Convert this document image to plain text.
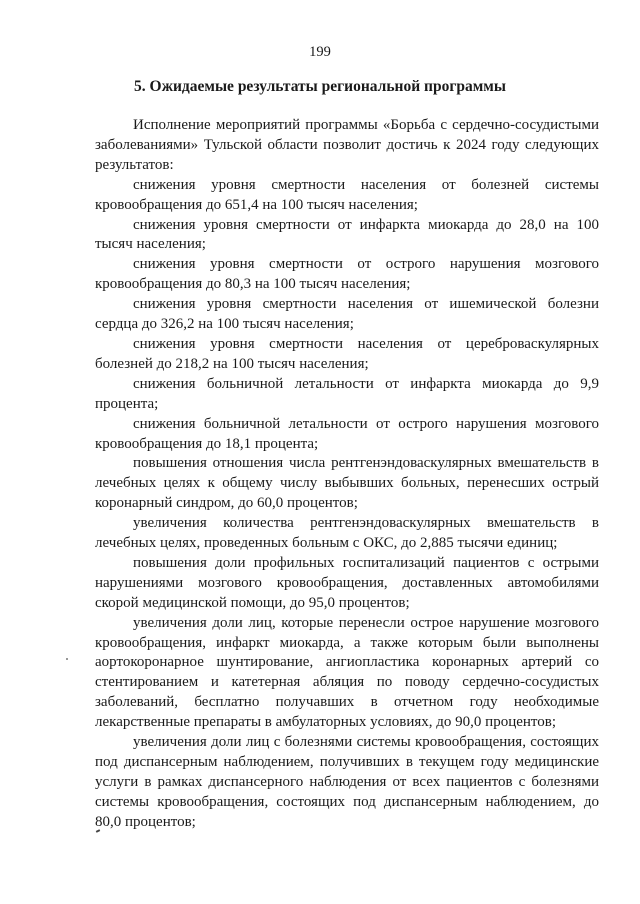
199
5. Ожидаемые результаты региональной программы

Исполнение мероприятий программы «Борьба с сердечно-сосудистыми заболеваниями» Тульской области позволит достичь к 2024 году следующих результатов:

снижения уровня смертности населения от болезней системы кровообращения до 651,4 на 100 тысяч населения;

снижения уровня смертности от инфаркта миокарда до 28,0 на 100 тысяч населения;

снижения уровня смертности от острого нарушения мозгового кровообращения до 80,3 на 100 тысяч населения;

снижения уровня смертности населения от ишемической болезни сердца до 326,2 на 100 тысяч населения;

снижения уровня смертности населения от цереброваскулярных болезней до 218,2 на 100 тысяч населения;

снижения больничной летальности от инфаркта миокарда до 9,9 процента;

снижения больничной летальности от острого нарушения мозгового кровообращения до 18,1 процента;

повышения отношения числа рентгенэндоваскулярных вмешательств в лечебных целях к общему числу выбывших больных, перенесших острый коронарный синдром, до 60,0 процентов;

увеличения количества рентгенэндоваскулярных вмешательств в лечебных целях, проведенных больным с ОКС, до 2,885 тысячи единиц;

повышения доли профильных госпитализаций пациентов с острыми нарушениями мозгового кровообращения, доставленных автомобилями скорой медицинской помощи, до 95,0 процентов;

увеличения доли лиц, которые перенесли острое нарушение мозгового кровообращения, инфаркт миокарда, а также которым были выполнены аортокоронарное шунтирование, ангиопластика коронарных артерий со стентированием и катетерная абляция по поводу сердечно-сосудистых заболеваний, бесплатно получавших в отчетном году необходимые лекарственные препараты в амбулаторных условиях, до 90,0 процентов;

увеличения доли лиц с болезнями системы кровообращения, состоящих под диспансерным наблюдением, получивших в текущем году медицинские услуги в рамках диспансерного наблюдения от всех пациентов с болезнями системы кровообращения, состоящих под диспансерным наблюдением, до 80,0 процентов;
